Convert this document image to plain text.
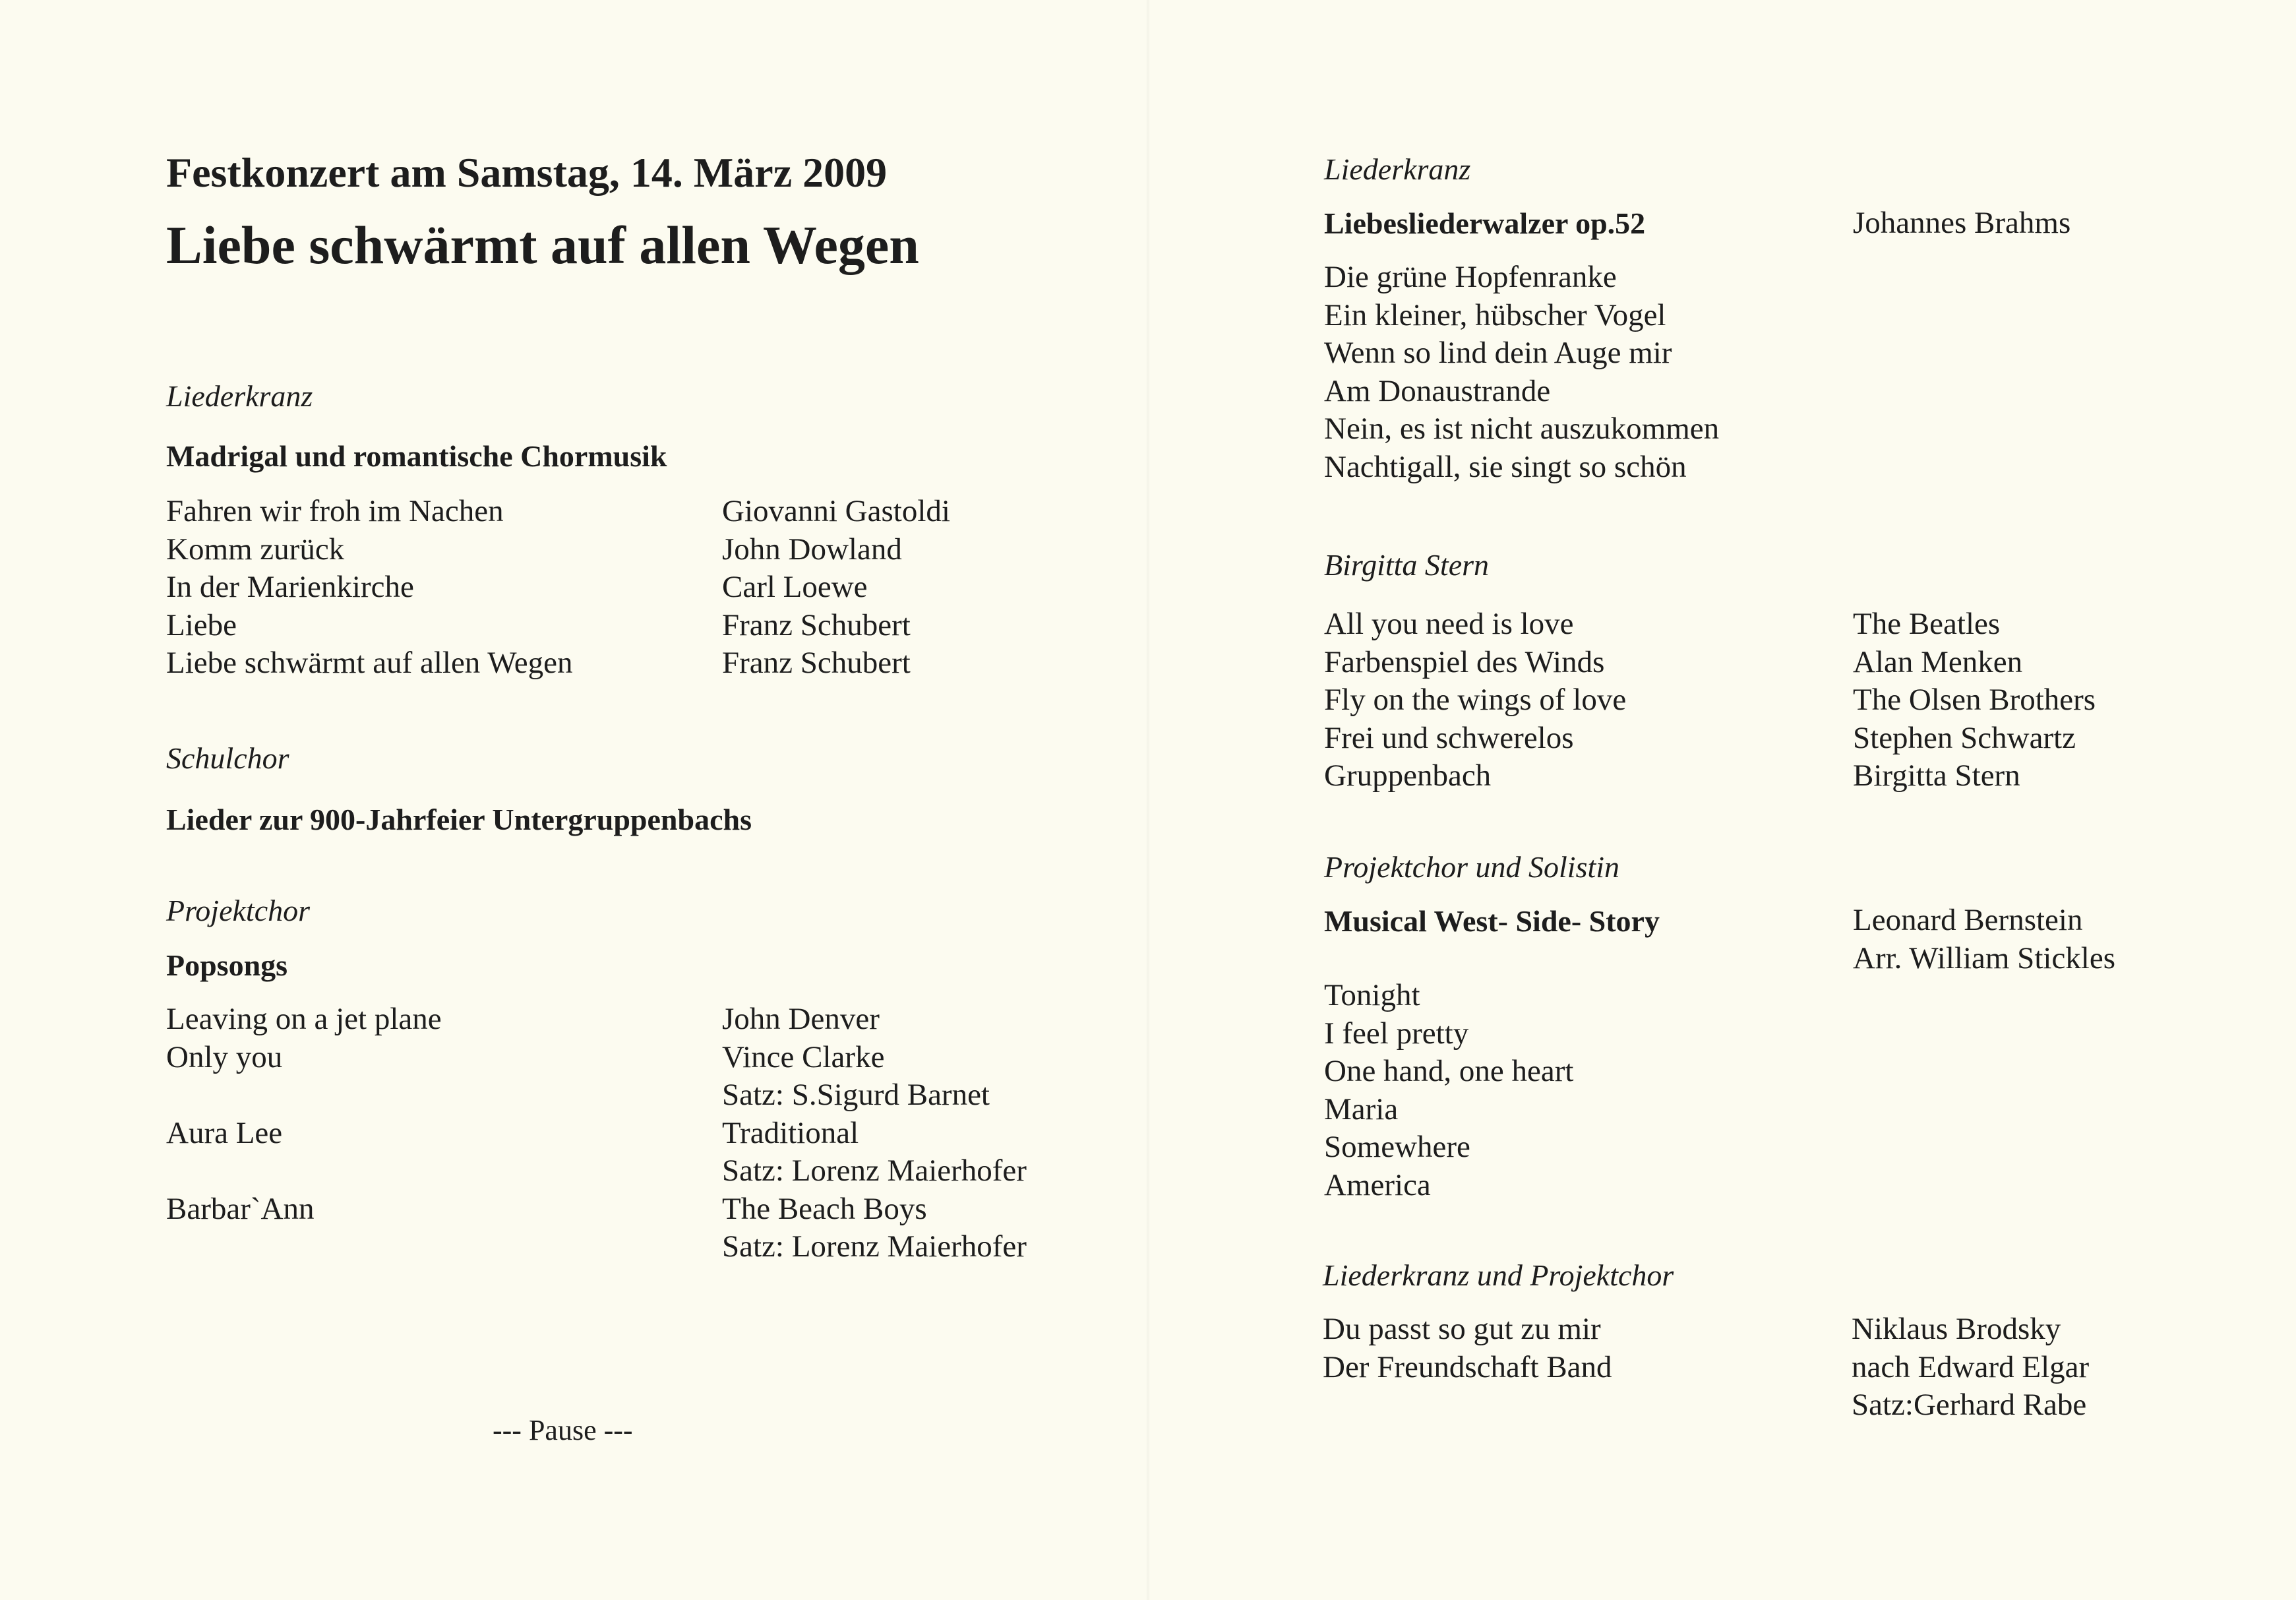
Festkonzert am Samstag, 14. März 2009
Liebe schwärmt auf allen Wegen
Liederkranz
Madrigal und romantische Chormusik
Fahren wir froh im Nachen
Komm zurück
In der Marienkirche
Liebe
Liebe schwärmt auf allen Wegen
Giovanni Gastoldi
John Dowland
Carl Loewe
Franz Schubert
Franz Schubert
Schulchor
Lieder zur 900-Jahrfeier Untergruppenbachs
Projektchor
Popsongs
Leaving on a jet plane
Only you
Aura Lee
Barbar`Ann
John Denver
Vince Clarke
Satz: S.Sigurd Barnet
Traditional
Satz: Lorenz Maierhofer
The Beach Boys
Satz: Lorenz Maierhofer
--- Pause ---
Liederkranz
Liebesliederwalzer op.52	Johannes Brahms
Die grüne Hopfenranke
Ein kleiner, hübscher Vogel
Wenn so lind dein Auge mir
Am Donaustrande
Nein, es ist nicht auszukommen
Nachtigall, sie singt so schön
Birgitta Stern
All you need is love
Farbenspiel des Winds
Fly on the wings of love
Frei und schwerelos
Gruppenbach
The Beatles
Alan Menken
The Olsen Brothers
Stephen Schwartz
Birgitta Stern
Projektchor und Solistin
Musical West- Side- Story	Leonard Bernstein
Arr. William Stickles
Tonight
I feel pretty
One hand, one heart
Maria
Somewhere
America
Liederkranz und Projektchor
Du passt so gut zu mir
Der Freundschaft Band
Niklaus Brodsky
nach Edward Elgar
Satz:Gerhard Rabe
